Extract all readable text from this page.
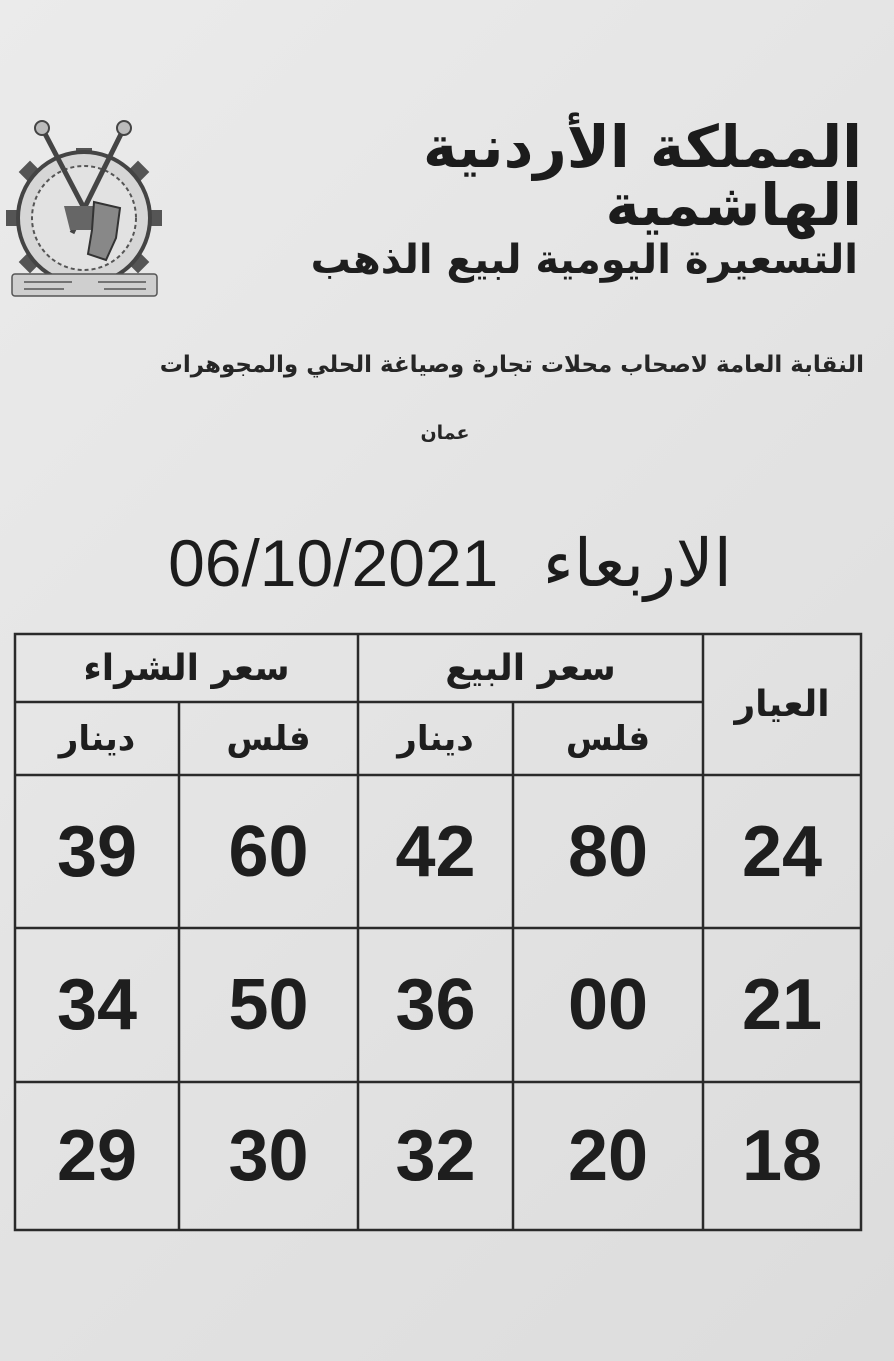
المملكة الأردنية الهاشمية
التسعيرة اليومية لبيع الذهب
النقابة العامة لاصحاب محلات تجارة وصياغة الحلي والمجوهرات
عمان
06/10/2021 الاربعاء
العيار
سعر البيع
سعر الشراء
فلس
دينار
فلس
دينار
24
80
42
60
39
21
00
36
50
34
18
20
32
30
29
